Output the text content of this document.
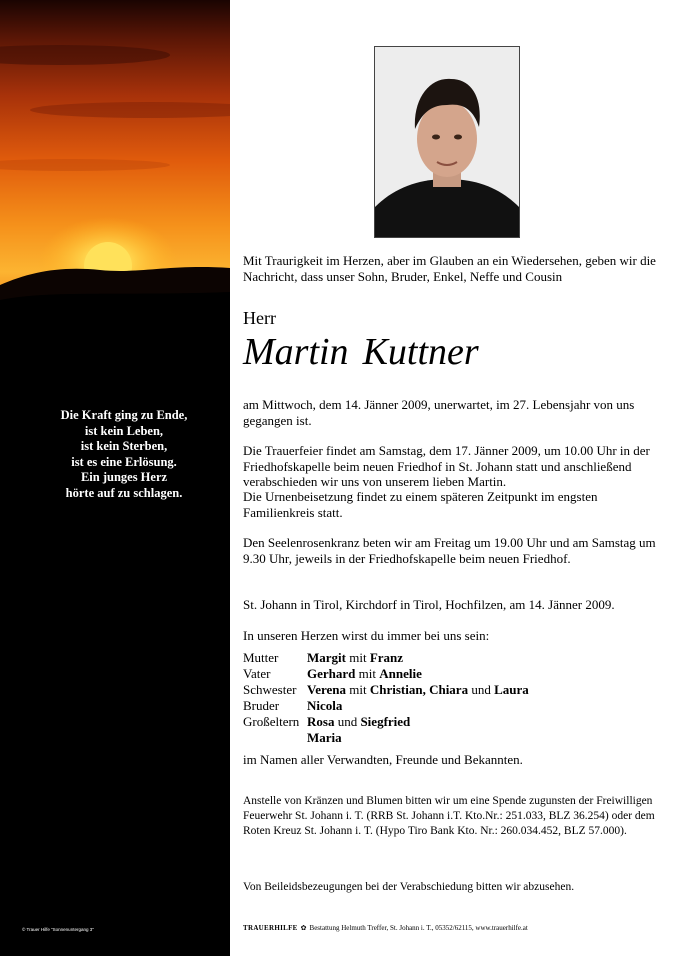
Die Kraft ging zu Ende,
ist kein Leben,
ist kein Sterben,
ist es eine Erlösung.
Ein junges Herz
hörte auf zu schlagen.
© Trauer Hilfe "Sonnenuntergang 3"
Mit Traurigkeit im Herzen, aber im Glauben an ein Wiedersehen, geben wir die Nachricht, dass unser Sohn, Bruder, Enkel, Neffe und Cousin
Herr
Martin Kuttner
am Mittwoch, dem 14. Jänner 2009, unerwartet, im 27. Lebensjahr von uns gegangen ist.
Die Trauerfeier findet am Samstag, dem 17. Jänner 2009, um 10.00 Uhr in der Friedhofskapelle beim neuen Friedhof in St. Johann statt und anschließend verabschieden wir uns von unserem lieben Martin.
Die Urnenbeisetzung findet zu einem späteren Zeitpunkt im engsten Familienkreis statt.
Den Seelenrosenkranz beten wir am Freitag um 19.00 Uhr und am Samstag um 9.30 Uhr, jeweils in der Friedhofskapelle beim neuen Friedhof.
St. Johann in Tirol, Kirchdorf in Tirol, Hochfilzen, am 14. Jänner 2009.
In unseren Herzen wirst du immer bei uns sein:
Mutter	Margit mit Franz
Vater	Gerhard mit Annelie
Schwester Verena mit Christian, Chiara und Laura
Bruder	Nicola
Großeltern Rosa und Siegfried
Maria
im Namen aller Verwandten, Freunde und Bekannten.
Anstelle von Kränzen und Blumen bitten wir um eine Spende zugunsten der Freiwilligen Feuerwehr St. Johann i. T. (RRB St. Johann i.T. Kto.Nr.: 251.033, BLZ 36.254) oder dem Roten Kreuz St. Johann i. T. (Hypo Tiro Bank Kto. Nr.: 260.034.452, BLZ 57.000).
Von Beileidsbezeugungen bei der Verabschiedung bitten wir abzusehen.
TRAUERHILFE ✿ Bestattung Helmuth Treffer, St. Johann i. T., 05352/62115, www.trauerhilfe.at
